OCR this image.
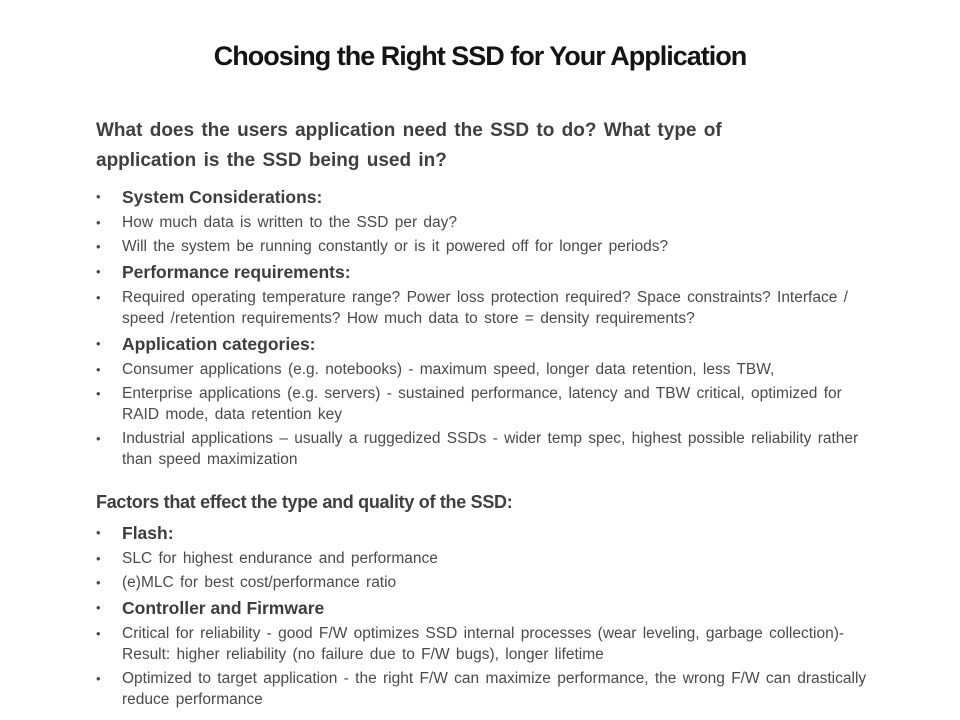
Choosing the Right SSD for Your Application
What does the users application need the SSD to do? What type of
application is the SSD being used in?
•	System Considerations:
•	How much data is written to the SSD per day?
•	Will the system be running constantly or is it powered off for longer periods?
•	Performance requirements:
•	Required operating temperature range? Power loss protection required? Space constraints? Interface / speed /retention requirements? How much data to store = density requirements?
•	Application categories:
•	Consumer applications (e.g. notebooks) - maximum speed, longer data retention, less TBW,
•	Enterprise applications (e.g. servers) - sustained performance, latency and TBW critical, optimized for RAID mode, data retention key
•	Industrial applications – usually a ruggedized SSDs - wider temp spec, highest possible reliability rather than speed maximization
Factors that effect the type and quality of the SSD:
•	Flash:
•	SLC for highest endurance and performance
•	(e)MLC for best cost/performance ratio
•	Controller and Firmware
•	Critical for reliability - good F/W optimizes SSD internal processes (wear leveling, garbage collection)- Result: higher reliability (no failure due to F/W bugs), longer lifetime
•	Optimized to target application - the right F/W can maximize performance, the wrong F/W can drastically reduce performance
